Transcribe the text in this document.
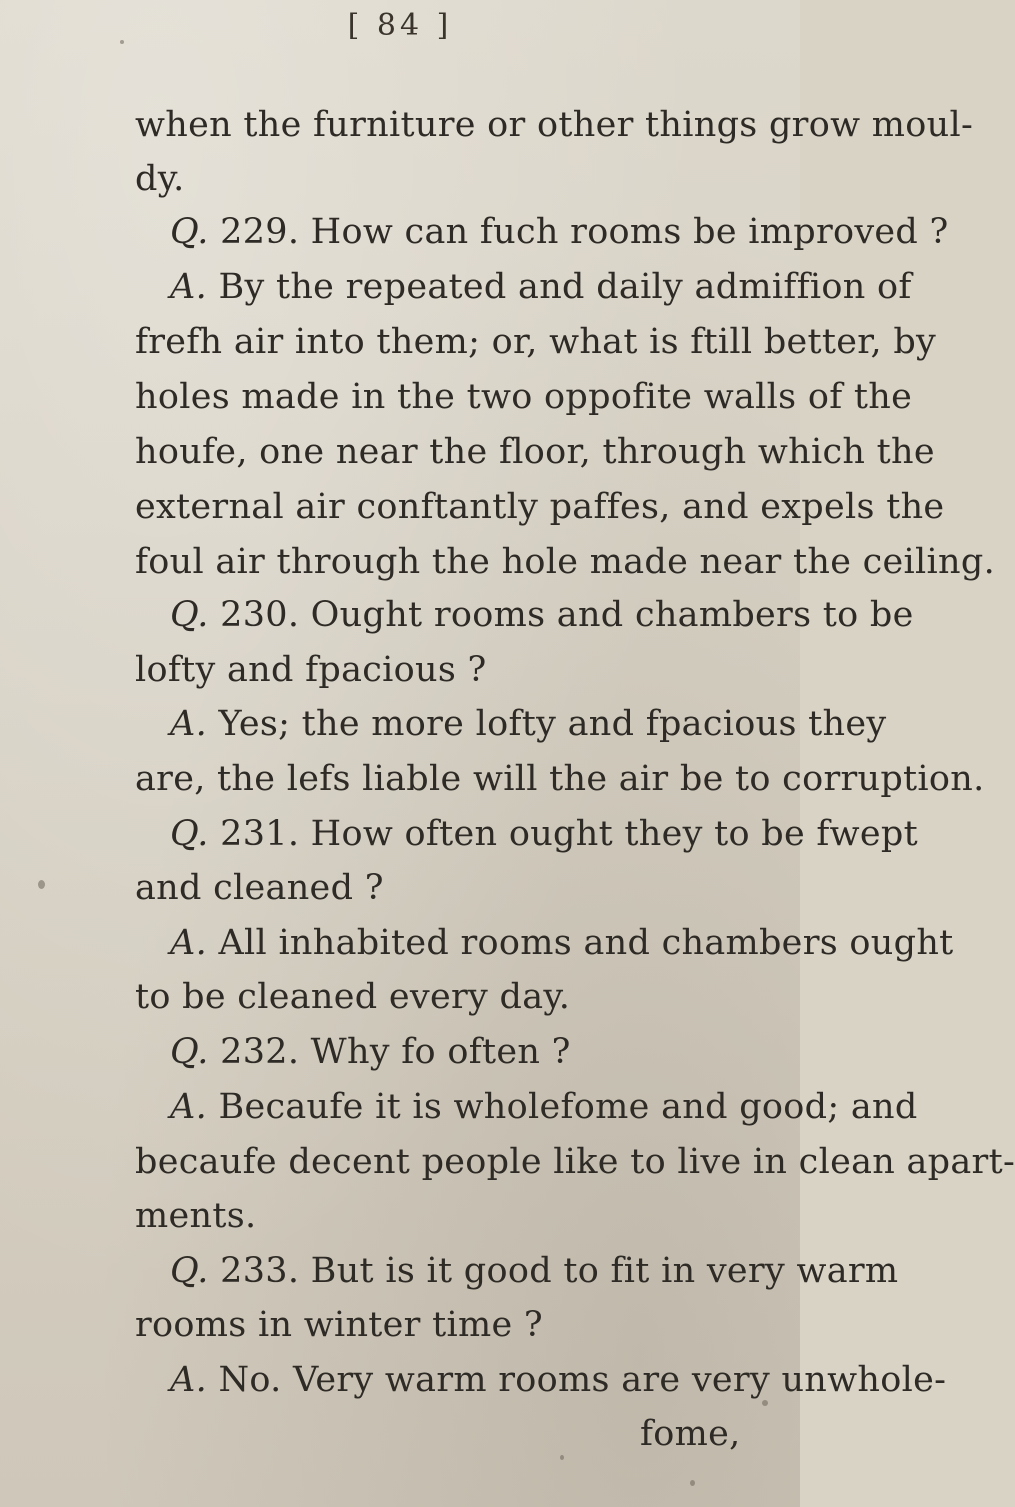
[ 84 ]
when the furniture or other things grow moul-
dy.
Q. 229. How can fuch rooms be improved ?
A. By the repeated and daily admiffion of
frefh air into them; or, what is ftill better, by
holes made in the two oppofite walls of the
houfe, one near the floor, through which the
external air conftantly paffes, and expels the
foul air through the hole made near the ceiling.
Q. 230. Ought rooms and chambers to be
lofty and fpacious ?
A. Yes; the more lofty and fpacious they
are, the lefs liable will the air be to corruption.
Q. 231. How often ought they to be fwept
and cleaned ?
A. All inhabited rooms and chambers ought
to be cleaned every day.
Q. 232. Why fo often ?
A. Becaufe it is wholefome and good; and
becaufe decent people like to live in clean apart-
ments.
Q. 233. But is it good to fit in very warm
rooms in winter time ?
A. No. Very warm rooms are very unwhole-
fome,
